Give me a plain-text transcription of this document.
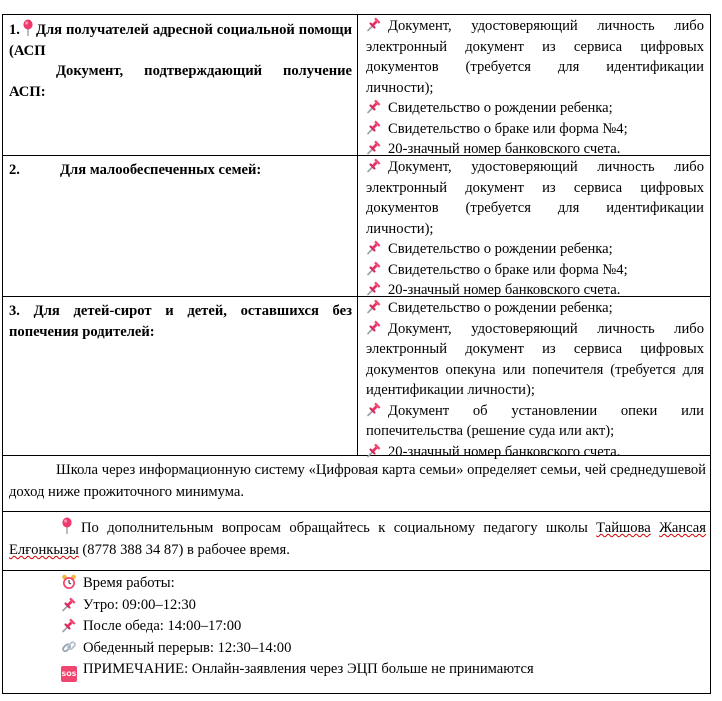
1. Для получателей адресной социальной помощи (АСП
Документ, подтверждающий получение АСП:
Документ, удостоверяющий личность либо электронный документ из сервиса цифровых документов (требуется для идентификации личности);
Свидетельство о рождении ребенка;
Свидетельство о браке или форма №4;
20-значный номер банковского счета.
2.	Для малообеспеченных семей:	Документ, удостоверяющий личность либо электронный документ из сервиса цифровых документов (требуется для идентификации личности);
Свидетельство о рождении ребенка;
Свидетельство о браке или форма №4;
20-значный номер банковского счета.
3. Для детей-сирот и детей, оставшихся без попечения родителей:
Свидетельство о рождении ребенка;
Документ, удостоверяющий личность либо электронный документ из сервиса цифровых документов опекуна или попечителя (требуется для идентификации личности);
Документ об установлении опеки или попечительства (решение суда или акт);
20-значный номер банковского счета.
Школа через информационную систему «Цифровая карта семьи» определяет семьи, чей среднедушевой доход ниже прожиточного минимума.
По дополнительным вопросам обращайтесь к социальному педагогу школы Тайшова Жансая Елғонкызы (8778 388 34 87) в рабочее время.
Время работы:
Утро: 09:00–12:30
После обеда: 14:00–17:00
Обеденный перерыв: 12:30–14:00
SOS ПРИМЕЧАНИЕ: Онлайн-заявления через ЭЦП больше не принимаются
